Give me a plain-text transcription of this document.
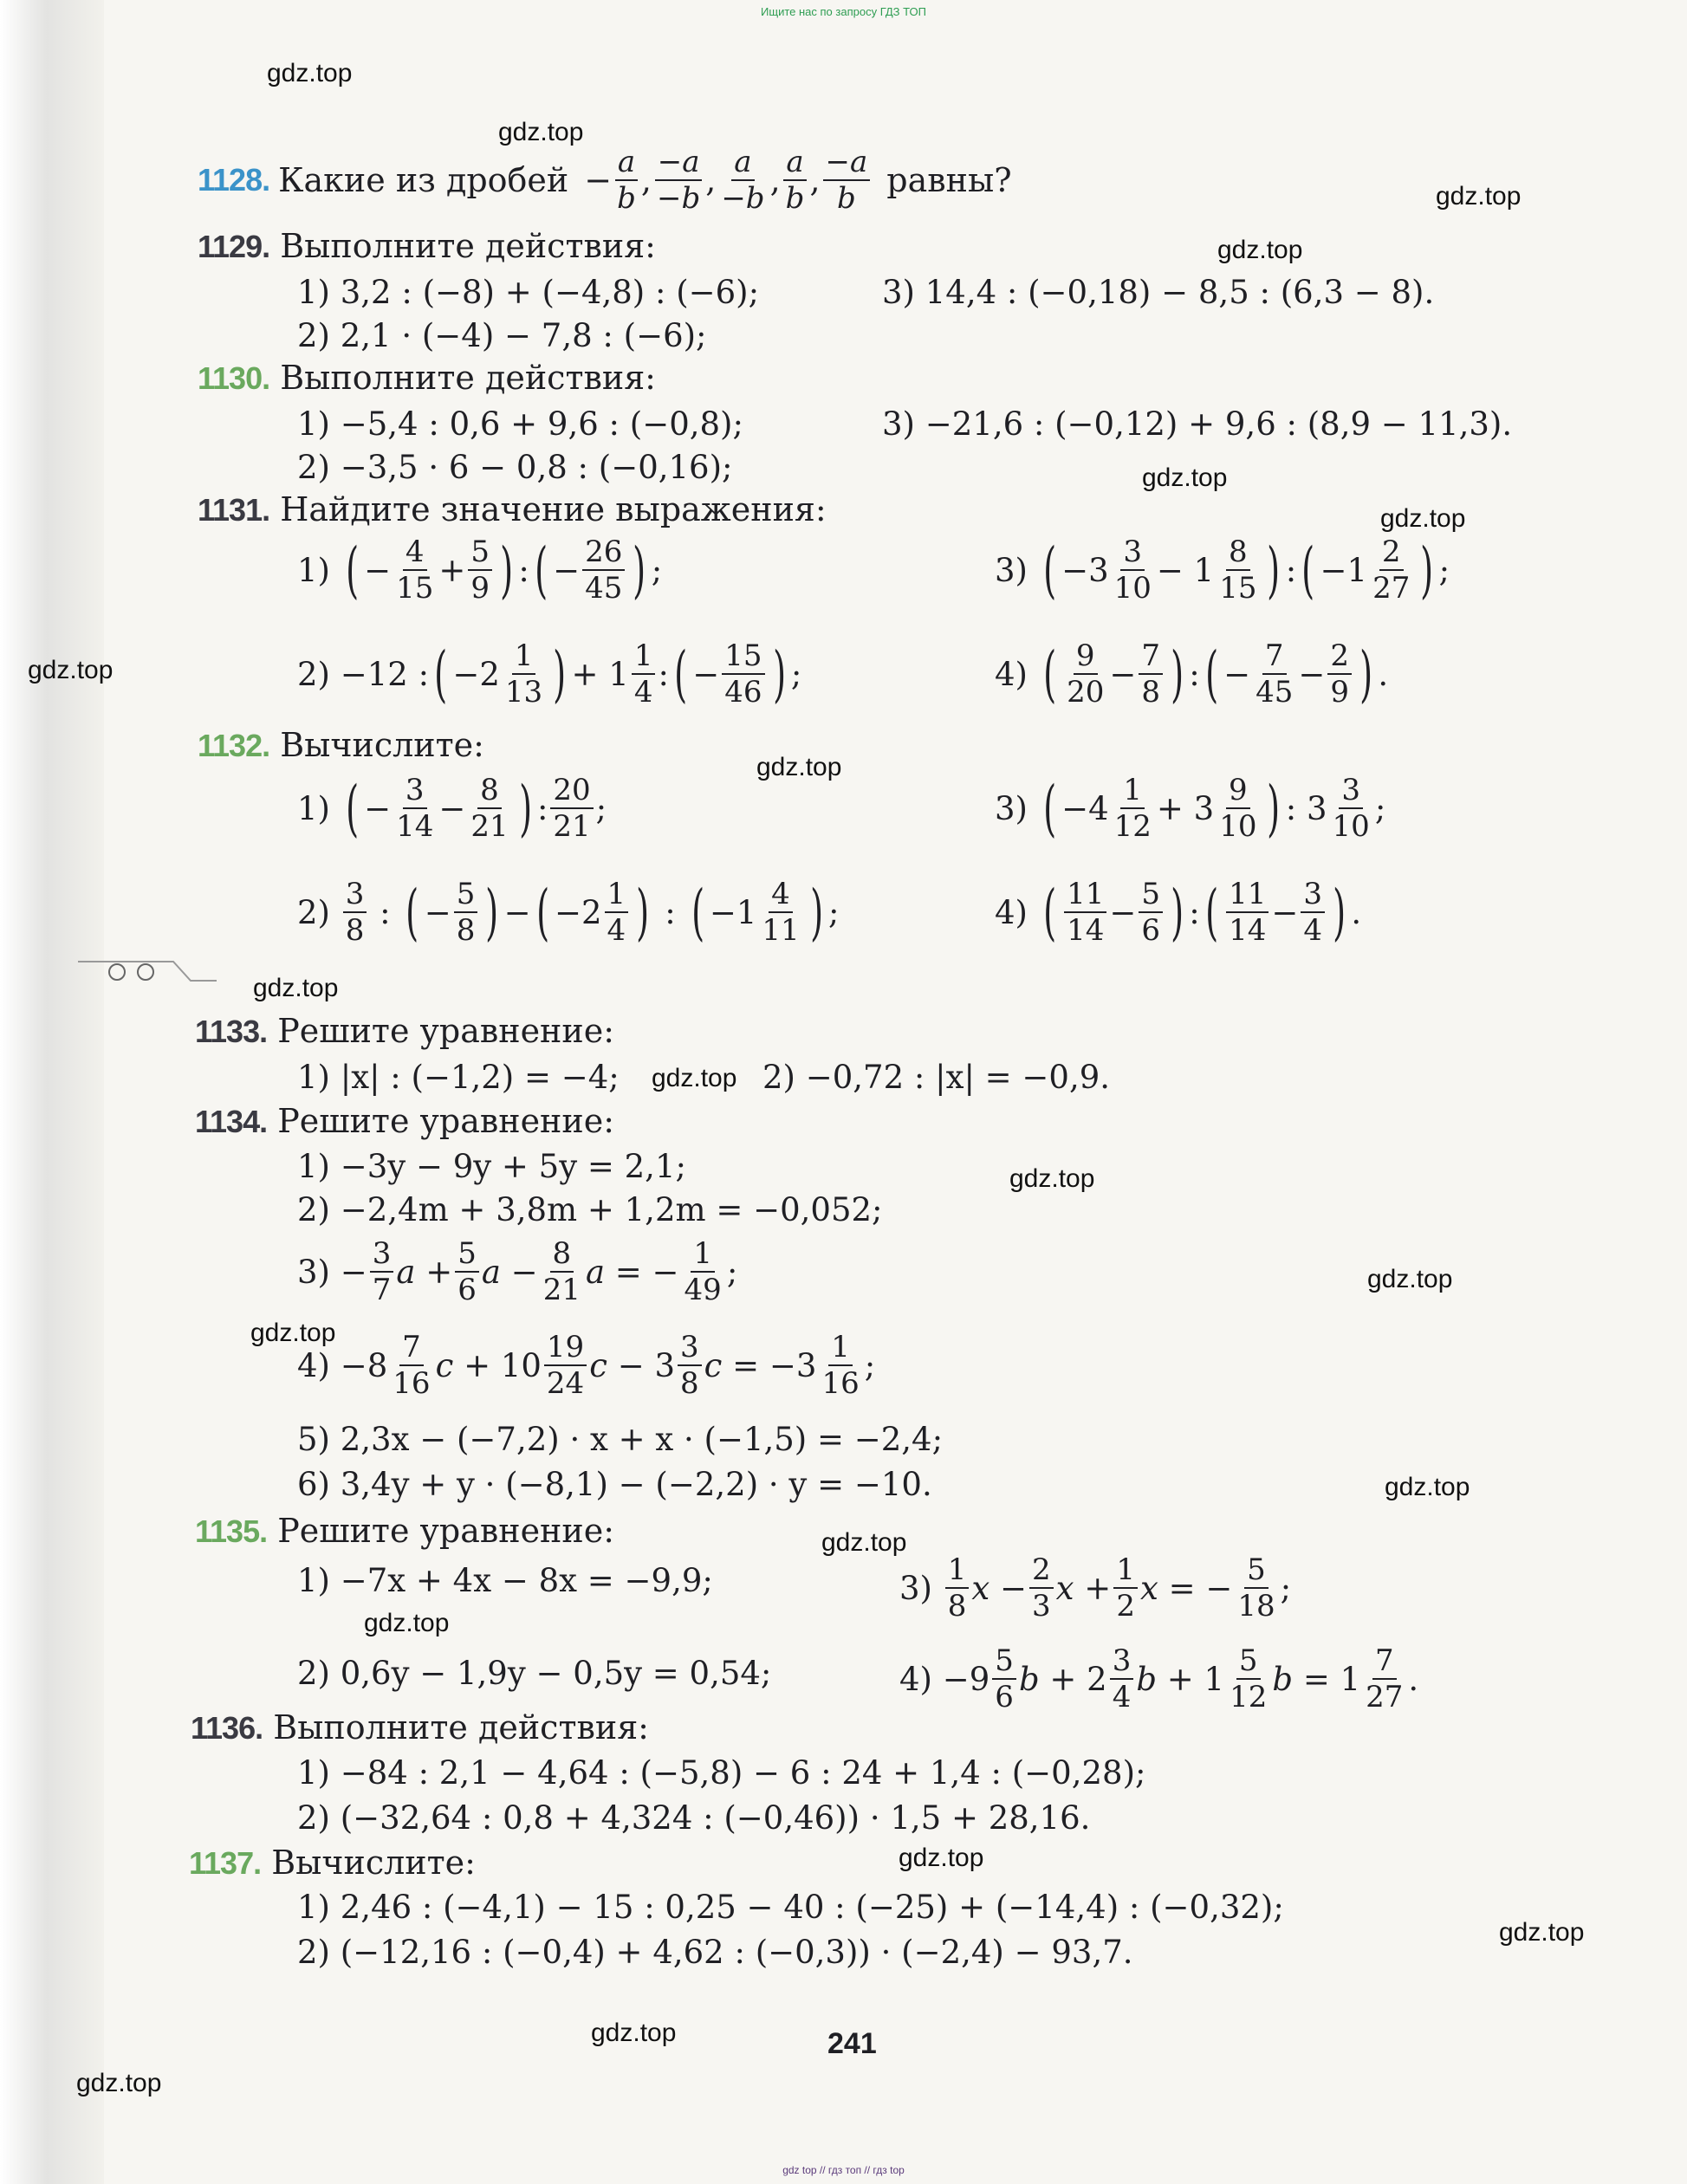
Ищите нас по запросу ГДЗ ТОП
gdz.top
gdz.top
gdz.top
gdz.top
gdz.top
gdz.top
gdz.top
gdz.top
gdz.top
gdz.top
gdz.top
gdz.top
gdz.top
gdz.top
gdz.top
gdz.top
gdz.top
gdz.top
gdz.top
gdz.top
1128. Какие из дробей − $\frac{a}{b}$ , $\frac{-a}{-b}$ , $\frac{a}{-b}$ , $\frac{a}{b}$ , $\frac{-a}{b}$ равны?
1129. Выполните действия:
1) 3,2 : (−8) + (−4,8) : (−6);
2) 2,1 · (−4) − 7,8 : (−6);
3) 14,4 : (−0,18) − 8,5 : (6,3 − 8).
1130. Выполните действия:
1) −5,4 : 0,6 + 9,6 : (−0,8);
2) −3,5 · 6 − 0,8 : (−0,16);
3) −21,6 : (−0,12) + 9,6 : (8,9 − 11,3).
1131. Найдите значение выражения:
1)
( − $\frac{4}{15} + \frac{5}{9}$ ) : ( − $\frac{26}{45}$ ) ;	3)
( $-3 \frac{3}{10} - 1 \frac{8}{15}$ ) : ( $-1 \frac{2}{27}$ ) ;
2)
−12 : ( $-2 \frac{1}{13}$ ) + $1 \frac{1}{4}$ : ( − $\frac{15}{46}$ ) ;	4)
( $\frac{9}{20} - \frac{7}{8}$ ) : ( − $\frac{7}{45} - \frac{2}{9}$ ) .
1132. Вычислите:
1)
( − $\frac{3}{14} - \frac{8}{21}$ ) : $\frac{20}{21}$ ;	3)
( $-4 \frac{1}{12} + 3 \frac{9}{10}$ ) : $3 \frac{3}{10}$ ;
2)
$\frac{3}{8}$ : ( − $\frac{5}{8}$ ) − ( $-2 \frac{1}{4}$ ) : ( $-1 \frac{4}{11}$ ) ;	4)
( $\frac{11}{14} - \frac{5}{6}$ ) : ( $\frac{11}{14} - \frac{3}{4}$ ) .
1133. Решите уравнение:
1) |x| : (−1,2) = −4;	2) −0,72 : |x| = −0,9.
1134. Решите уравнение:
1) −3y − 9y + 5y = 2,1;
2) −2,4m + 3,8m + 1,2m = −0,052;
$3) - \frac{3}{7}$ $a + \frac{5}{6}$ $a - \frac{8}{21}$ a = − $\frac{1}{49}$ ;
4)
$-8 \frac{7}{16}$ c
+ $10 \frac{19}{24}$ c
− $3 \frac{3}{8}$ c
= $-3 \frac{1}{16}$ ;
5) 2,3x − (−7,2) · x + x · (−1,5) = −2,4;
6) 3,4y + y · (−8,1) − (−2,2) · y = −10.
1135. Решите уравнение:
1) −7x + 4x − 8x = −9,9;
2) 0,6y − 1,9y − 0,5y = 0,54;
3)
$\frac{1}{8}$ $x - \frac{2}{3}$ $x + \frac{1}{2}$ x = − $\frac{5}{18}$ ;
4)
$-9 \frac{5}{6}$ b
+ $2 \frac{3}{4}$ b
+ $1 \frac{5}{12}$ b
= $1 \frac{7}{27}$ .
1136. Выполните действия:
1) −84 : 2,1 − 4,64 : (−5,8) − 6 : 24 + 1,4 : (−0,28);
2) (−32,64 : 0,8 + 4,324 : (−0,46)) · 1,5 + 28,16.
1137. Вычислите:
1) 2,46 : (−4,1) − 15 : 0,25 − 40 : (−25) + (−14,4) : (−0,32);
2) (−12,16 : (−0,4) + 4,62 : (−0,3)) · (−2,4) − 93,7.
241
gdz top // гдз топ // гдз top
